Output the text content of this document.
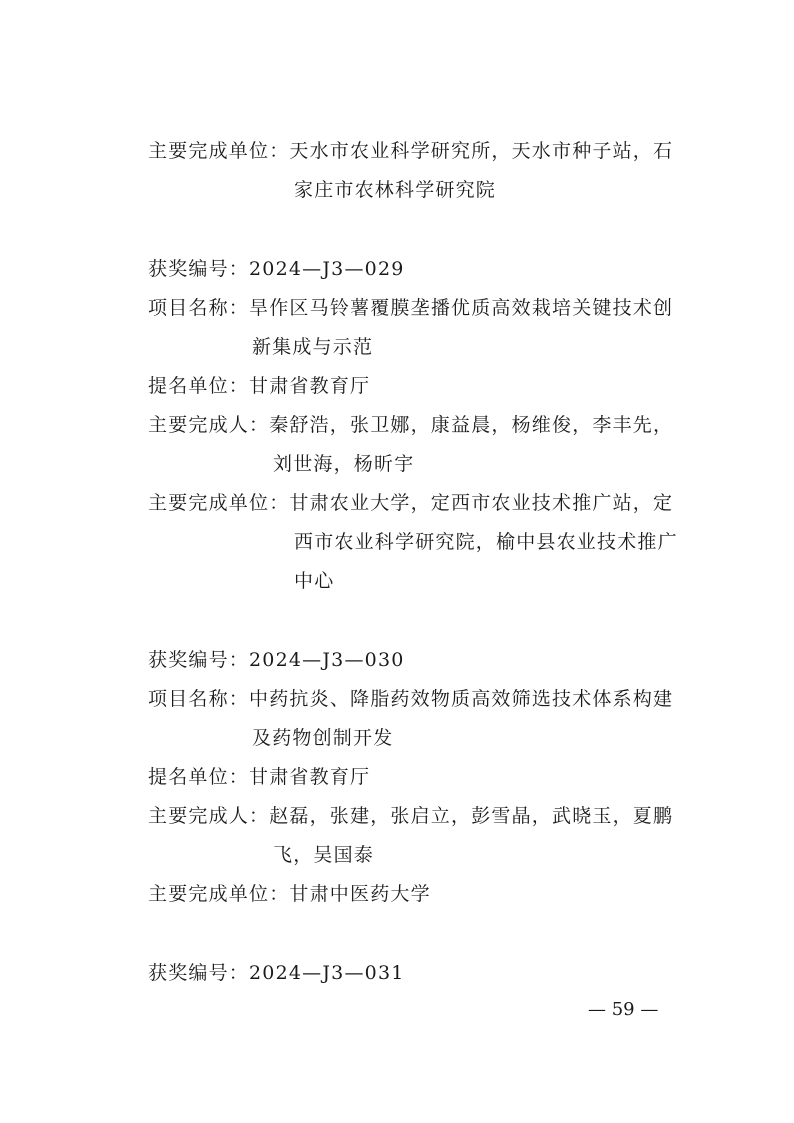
主要完成单位：天水市农业科学研究所，天水市种子站，石
家庄市农林科学研究院
获奖编号：2024—J3—029
项目名称：旱作区马铃薯覆膜垄播优质高效栽培关键技术创
新集成与示范
提名单位：甘肃省教育厅
主要完成人：秦舒浩，张卫娜，康益晨，杨维俊，李丰先，
刘世海，杨昕宇
主要完成单位：甘肃农业大学，定西市农业技术推广站，定
西市农业科学研究院，榆中县农业技术推广
中心
获奖编号：2024—J3—030
项目名称：中药抗炎、降脂药效物质高效筛选技术体系构建
及药物创制开发
提名单位：甘肃省教育厅
主要完成人：赵磊，张建，张启立，彭雪晶，武晓玉，夏鹏
飞，吴国泰
主要完成单位：甘肃中医药大学
获奖编号：2024—J3—031
— 59 —
